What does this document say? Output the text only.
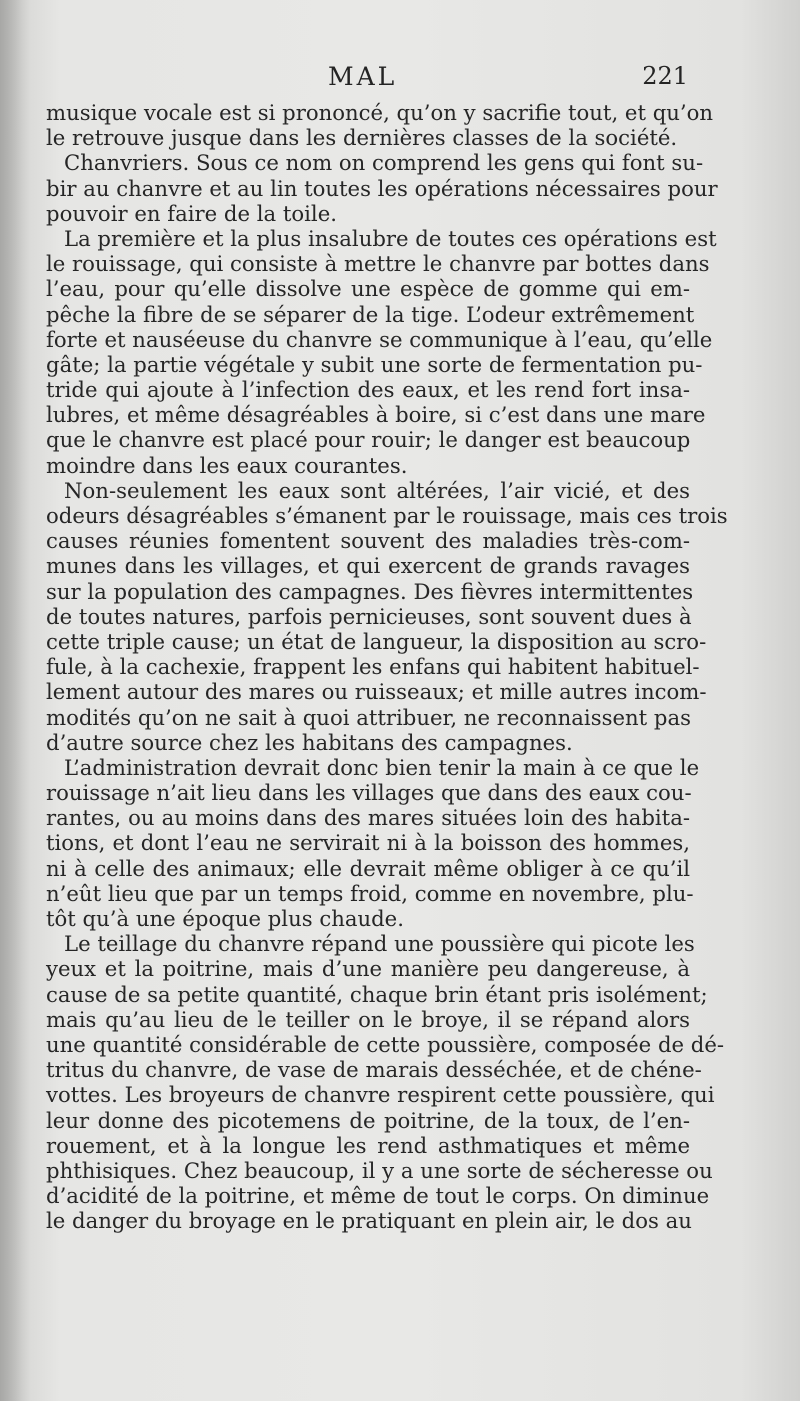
MAL	221
musique vocale est si prononcé, qu’on y sacrifie tout, et qu’on
le retrouve jusque dans les dernières classes de la société.
Chanvriers. Sous ce nom on comprend les gens qui font su-
bir au chanvre et au lin toutes les opérations nécessaires pour
pouvoir en faire de la toile.
La première et la plus insalubre de toutes ces opérations est
le rouissage, qui consiste à mettre le chanvre par bottes dans
l’eau, pour qu’elle dissolve une espèce de gomme qui em-
pêche la fibre de se séparer de la tige. L’odeur extrêmement
forte et nauséeuse du chanvre se communique à l’eau, qu’elle
gâte; la partie végétale y subit une sorte de fermentation pu-
tride qui ajoute à l’infection des eaux, et les rend fort insa-
lubres, et même désagréables à boire, si c’est dans une mare
que le chanvre est placé pour rouir; le danger est beaucoup
moindre dans les eaux courantes.
Non-seulement les eaux sont altérées, l’air vicié, et des
odeurs désagréables s’émanent par le rouissage, mais ces trois
causes réunies fomentent souvent des maladies très-com-
munes dans les villages, et qui exercent de grands ravages
sur la population des campagnes. Des fièvres intermittentes
de toutes natures, parfois pernicieuses, sont souvent dues à
cette triple cause; un état de langueur, la disposition au scro-
fule, à la cachexie, frappent les enfans qui habitent habituel-
lement autour des mares ou ruisseaux; et mille autres incom-
modités qu’on ne sait à quoi attribuer, ne reconnaissent pas
d’autre source chez les habitans des campagnes.
L’administration devrait donc bien tenir la main à ce que le
rouissage n’ait lieu dans les villages que dans des eaux cou-
rantes, ou au moins dans des mares situées loin des habita-
tions, et dont l’eau ne servirait ni à la boisson des hommes,
ni à celle des animaux; elle devrait même obliger à ce qu’il
n’eût lieu que par un temps froid, comme en novembre, plu-
tôt qu’à une époque plus chaude.
Le teillage du chanvre répand une poussière qui picote les
yeux et la poitrine, mais d’une manière peu dangereuse, à
cause de sa petite quantité, chaque brin étant pris isolément;
mais qu’au lieu de le teiller on le broye, il se répand alors
une quantité considérable de cette poussière, composée de dé-
tritus du chanvre, de vase de marais desséchée, et de chéne-
vottes. Les broyeurs de chanvre respirent cette poussière, qui
leur donne des picotemens de poitrine, de la toux, de l’en-
rouement, et à la longue les rend asthmatiques et même
phthisiques. Chez beaucoup, il y a une sorte de sécheresse ou
d’acidité de la poitrine, et même de tout le corps. On diminue
le danger du broyage en le pratiquant en plein air, le dos au
